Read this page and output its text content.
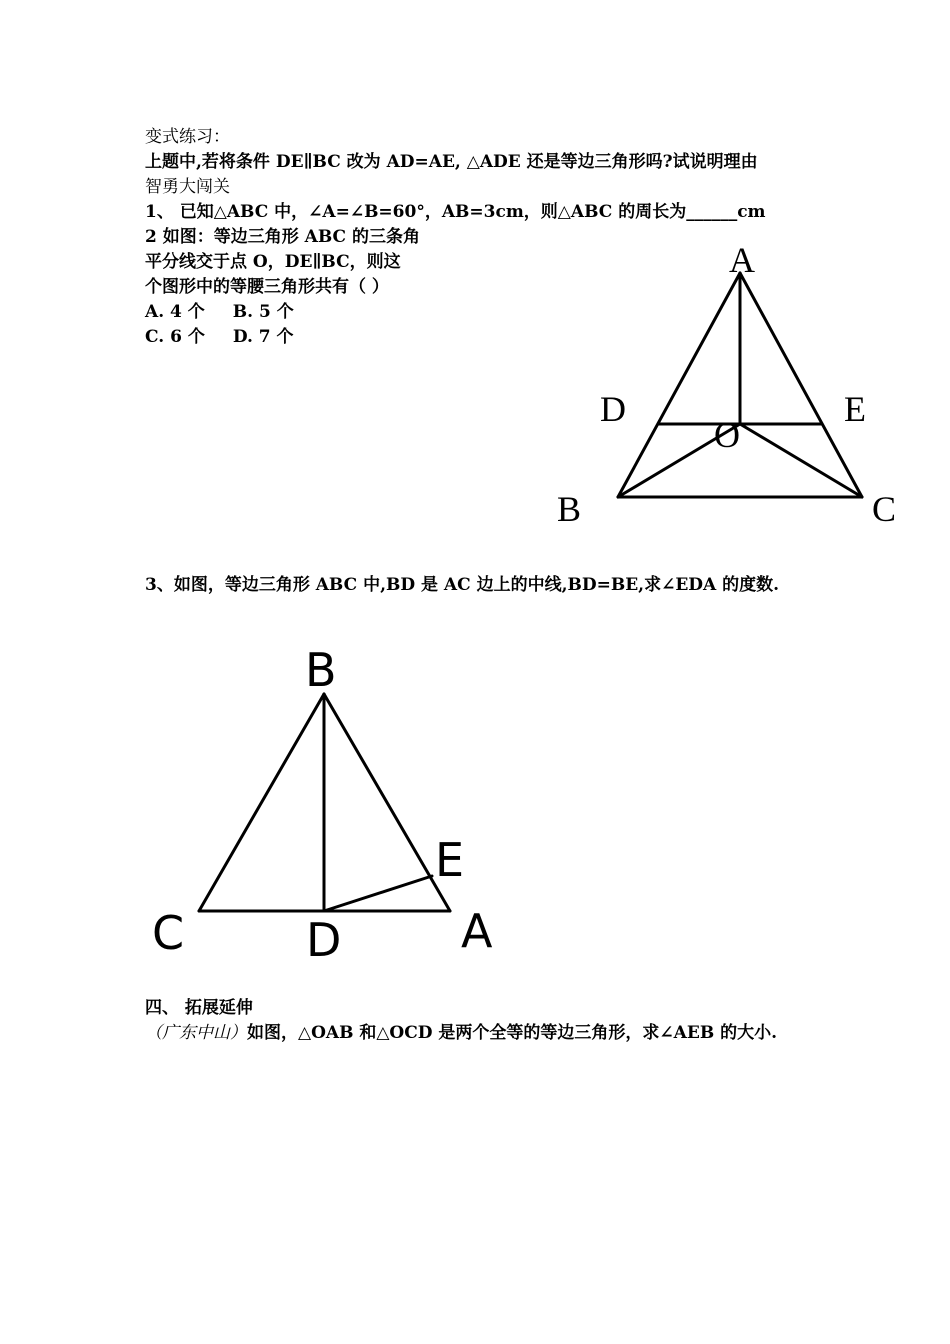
变式练习：
上题中,若将条件 DE∥BC 改为 AD=AE, △ADE 还是等边三角形吗?试说明理由
智勇大闯关
1、 已知△ABC 中，∠A=∠B=60°，AB=3cm，则△ABC 的周长为______cm
2 如图：等边三角形 ABC 的三条角
平分线交于点 O，DE∥BC，则这
个图形中的等腰三角形共有（ ）
A. 4 个 B. 5 个
C. 6 个 D. 7 个
A
D	E
O
B	C
3、如图，等边三角形 ABC 中,BD 是 AC 边上的中线,BD=BE,求∠EDA 的度数.
B
E
C	D	A
四、 拓展延伸
（广东中山）如图，△OAB 和△OCD 是两个全等的等边三角形，求∠AEB 的大小.
